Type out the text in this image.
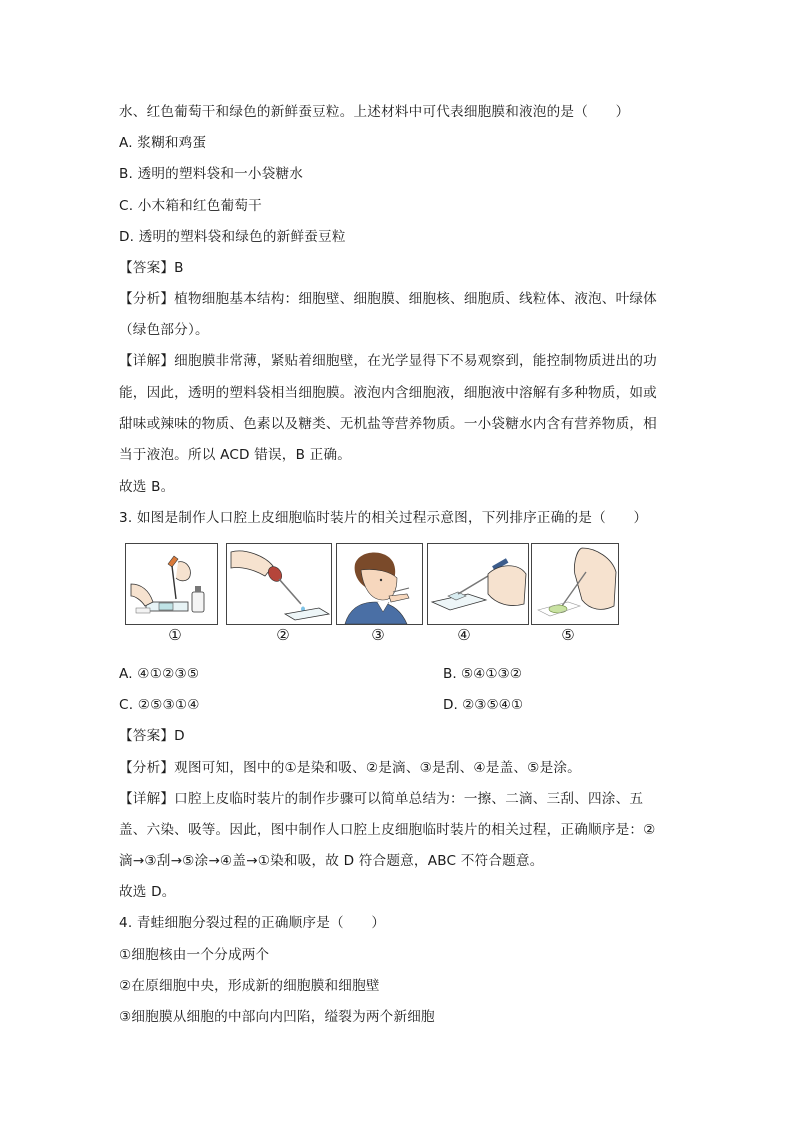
水、红色葡萄干和绿色的新鲜蚕豆粒。上述材料中可代表细胞膜和液泡的是（　　）
A. 浆糊和鸡蛋
B. 透明的塑料袋和一小袋糖水
C. 小木箱和红色葡萄干
D. 透明的塑料袋和绿色的新鲜蚕豆粒
【答案】B
【分析】植物细胞基本结构：细胞壁、细胞膜、细胞核、细胞质、线粒体、液泡、叶绿体
（绿色部分）。
【详解】细胞膜非常薄，紧贴着细胞壁，在光学显得下不易观察到，能控制物质进出的功
能，因此，透明的塑料袋相当细胞膜。液泡内含细胞液，细胞液中溶解有多种物质，如或
甜味或辣味的物质、色素以及糖类、无机盐等营养物质。一小袋糖水内含有营养物质，相
当于液泡。所以 ACD 错误，B 正确。
故选 B。
3. 如图是制作人口腔上皮细胞临时装片的相关过程示意图，下列排序正确的是（　　）
①	②	③	④	⑤
A. ④①②③⑤	B. ⑤④①③②
C. ②⑤③①④	D. ②③⑤④①
【答案】D
【分析】观图可知，图中的①是染和吸、②是滴、③是刮、④是盖、⑤是涂。
【详解】口腔上皮临时装片的制作步骤可以简单总结为：一擦、二滴、三刮、四涂、五
盖、六染、吸等。因此，图中制作人口腔上皮细胞临时装片的相关过程，正确顺序是：②
滴→③刮→⑤涂→④盖→①染和吸，故 D 符合题意，ABC 不符合题意。
故选 D。
4. 青蛙细胞分裂过程的正确顺序是（　　）
①细胞核由一个分成两个
②在原细胞中央，形成新的细胞膜和细胞壁
③细胞膜从细胞的中部向内凹陷，缢裂为两个新细胞
